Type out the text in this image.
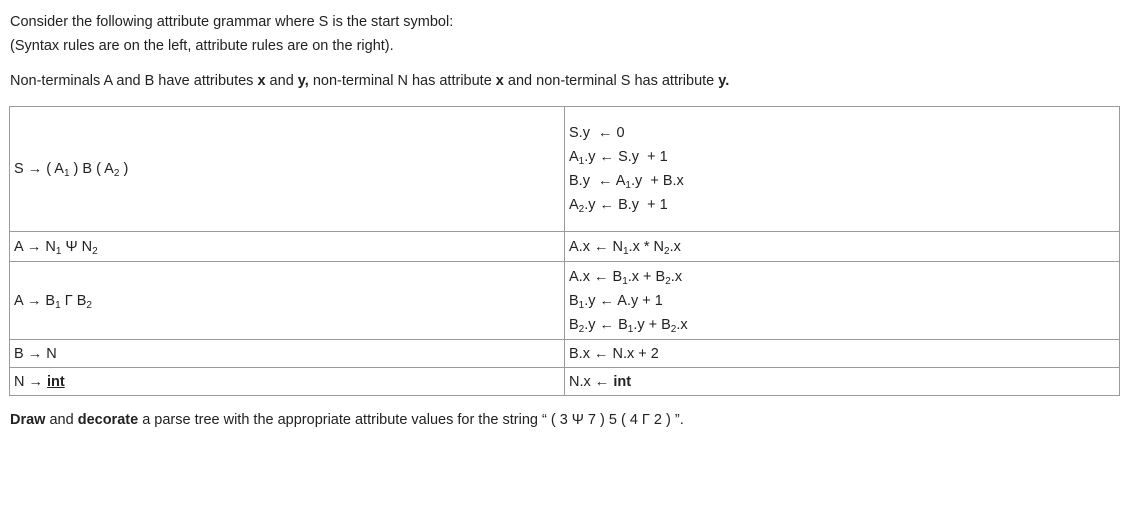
Consider the following attribute grammar where S is the start symbol:
(Syntax rules are on the left, attribute rules are on the right).
Non-terminals A and B have attributes x and y, non-terminal N has attribute x and non-terminal S has attribute y.
S → ( $A_1$ ) B ( $A_2$ )	S.y  ← 0
$A_1.y$ ← S.y  + 1
B.y  ← $A_1.y + B.x$
$A_2.y$ ← B.y  + 1

$A \to N_1$ Ψ $N_2$	A.x ← $N_1.x * N_2.x$

$A \to B_1$ Γ $B_2$	A.x ← $B_1.x + B_2.x$
$B_1.y$ ← A.y + 1
$B_2.y$ ← $B_1.y + B_2.x$

B → N	B.x ← N.x + 2

N → int	N.x ← int
Draw and decorate a parse tree with the appropriate attribute values for the string “ ( 3 Ψ 7 ) 5 ( 4 Γ 2 ) ”.
